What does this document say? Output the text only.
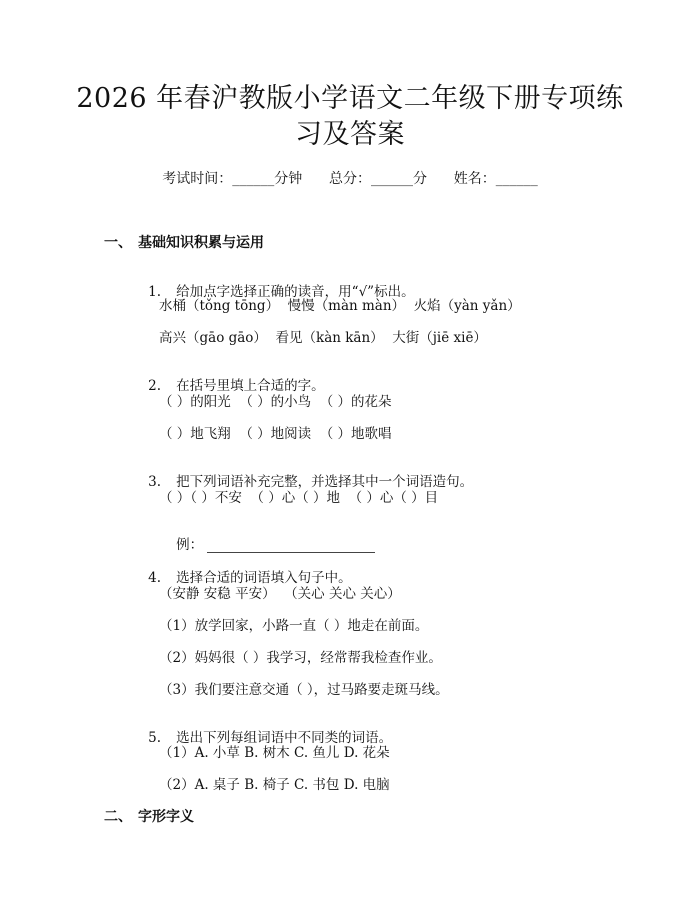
2026 年春沪教版小学语文二年级下册专项练
习及答案
考试时间：______分钟      总分：______分      姓名：______
一、 基础知识积累与运用

1. 给加点字选择正确的读音，用“√”标出。

水桶（tǒng tōng）  慢慢（màn màn）  火焰（yàn yǎn）
高兴（gāo gāo）  看见（kàn kān）  大街（jiē xiē）

2. 在括号里填上合适的字。

（ ）的阳光  （ ）的小鸟  （ ）的花朵
（ ）地飞翔  （ ）地阅读  （ ）地歌唱

3. 把下列词语补充完整，并选择其中一个词语造句。

（ ）（ ）不安  （ ）心（ ）地  （ ）心（ ）目

例：

4. 选择合适的词语填入句子中。

（安静 安稳 平安）  （关心 关心 关心）
（1）放学回家，小路一直（ ）地走在前面。
（2）妈妈很（ ）我学习，经常帮我检查作业。
（3）我们要注意交通（ ），过马路要走斑马线。

5. 选出下列每组词语中不同类的词语。

（1）A. 小草 B. 树木 C. 鱼儿 D. 花朵
（2）A. 桌子 B. 椅子 C. 书包 D. 电脑
二、 字形字义
